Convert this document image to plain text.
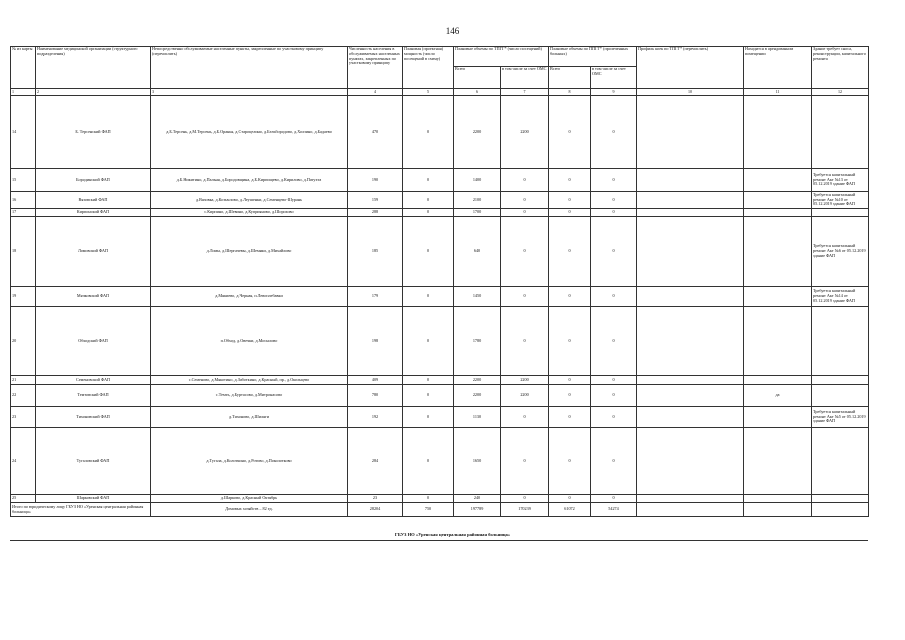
146
№ из карты	Наименование медицинской организации (структурного подразделения)	Непосредственно обслуживаемые населенные пункты, закрепленные по участковому принципу (перечислить)	Численность населения в обслуживаемых населенных пунктах, закрепленных по участковому принципу	Плановая (проектная) мощность (число посещений в смену)	Плановые объемы по ТПГГ* (число посещений)		Плановые объемы по ППГГ* (пролеченных больных)		Профиль коек по ТПГГ* (перечислить)	Находится в арендованном помещении	Здание требует сноса, реконструкции, капитального ремонта
					Всего	в том числе за счет ОМС	Всего	в том числе за счет ОМС			
1	2	3	4	5	6	7	8	9	10	11	12
14	Б. Терсенский ФАП	д.Б.Терсень, д.М.Терсень, д.Б.Оранья, д.Староцелино, д.Бельбородово, д.Холзино, д.Бадаево	470	0	2200	2200	0	0			
15	Бородинский ФАП	д.Б.Никитино, д.Пальня, д.Бородовщина, д.Б.Кирпищево, д.Кирилово, д.Патухта	190	0	1400	0	0	0			Требуется капитальный ремонт Акт №13 от 05.12.2019 здание ФАП
16	Вязовский ФАП	д.Вязовка, д.Козьмлово, д.Леушенки, д.Семенцево-Шурань	159	0	2100	0	0	0			Требуется капитальный ремонт Акт №10 от 05.12.2019 здание ФАП
17	Кирпонский ФАП	с.Кирпино, д.Шевино, д.Куприяново, д.Шорохово	288	0	1700	0	0	0			
18	Ломовский ФАП	д.Ломы, д.Шергачевы, д.Шемяки, д.Михайлово	185	0	640	0	0	0			Требуется капитальный ремонт Акт №6 от 05.12.2019 здание ФАП
19	Мячковский ФАП	д.Мякиево, д.Черная, п.Левоплебавки	179	0	1450	0	0	0			Требуется капитальный ремонт Акт №14 от 05.12.2019 здание ФАП
20	Обходский ФАП	п.Обход, д.Овечки, д.Мосылово	198	0	1780	0	0	0			
21	Семеновский ФАП	с.Семеново, д.Мякотино, д.Заботкино, д.Красный, пр., д.Окольцево	409	0	2200	2200	0	0			
22	Темтовский ФАП	с.Темть, д.Буртасово, д.Митронасово	780	0	2200	2200	0	0		да	
23	Тихоновский ФАП	д.Тихоново, д.Шиляги	192	0	1130	0	0	0			Требуется капитальный ремонт Акт №5 от 05.12.2019 здание ФАП
24	Тугаловский ФАП	д.Тугала, д.Колоткино, д.Ротово, д.Поколотково	284	0	1650	0	0	0			
25	Шарковский ФАП	д.Шарково, д.Красный Октябрь	23	0	240	0	0	0			
Итого по юридическому лицу ГБУЗ НО «Уренская центральная районная больница»		Домовых хозяйств – 82 ед.	28204	750	197789	170239	61072	54274			
ГБУЗ НО «Уренская центральная районная больница»
